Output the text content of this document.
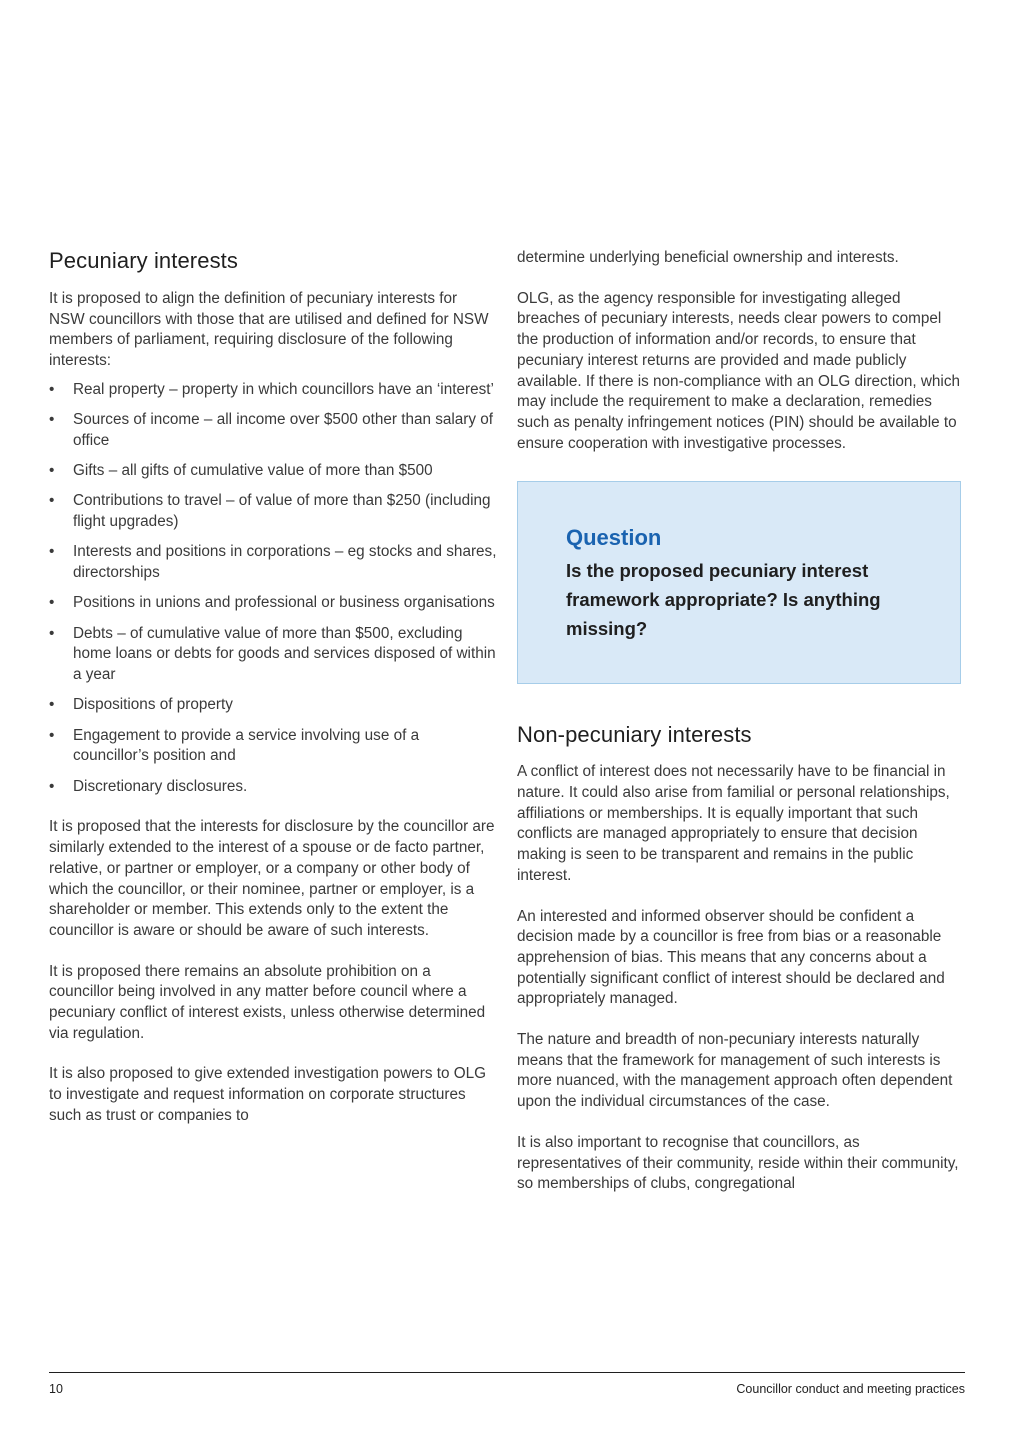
Pecuniary interests

It is proposed to align the definition of pecuniary interests for NSW councillors with those that are utilised and defined for NSW members of parliament, requiring disclosure of the following interests:

•	Real property – property in which councillors have an ‘interest’
•	Sources of income – all income over $500 other than salary of office
•	Gifts – all gifts of cumulative value of more than $500
•	Contributions to travel – of value of more than $250 (including flight upgrades)
•	Interests and positions in corporations – eg stocks and shares, directorships
•	Positions in unions and professional or business organisations
•	Debts – of cumulative value of more than $500, excluding home loans or debts for goods and services disposed of within a year
•	Dispositions of property
•	Engagement to provide a service involving use of a councillor’s position and
•	Discretionary disclosures.

It is proposed that the interests for disclosure by the councillor are similarly extended to the interest of a spouse or de facto partner, relative, or partner or employer, or a company or other body of which the councillor, or their nominee, partner or employer, is a shareholder or member. This extends only to the extent the councillor is aware or should be aware of such interests.

It is proposed there remains an absolute prohibition on a councillor being involved in any matter before council where a pecuniary conflict of interest exists, unless otherwise determined via regulation.

It is also proposed to give extended investigation powers to OLG to investigate and request information on corporate structures such as trust or companies to

determine underlying beneficial ownership and interests.

OLG, as the agency responsible for investigating alleged breaches of pecuniary interests, needs clear powers to compel the production of information and/or records, to ensure that pecuniary interest returns are provided and made publicly available. If there is non-compliance with an OLG direction, which may include the requirement to make a declaration, remedies such as penalty infringement notices (PIN) should be available to ensure cooperation with investigative processes.

Question
Is the proposed pecuniary interest framework appropriate? Is anything missing?
Non-pecuniary interests

A conflict of interest does not necessarily have to be financial in nature. It could also arise from familial or personal relationships, affiliations or memberships. It is equally important that such conflicts are managed appropriately to ensure that decision making is seen to be transparent and remains in the public interest.

An interested and informed observer should be confident a decision made by a councillor is free from bias or a reasonable apprehension of bias. This means that any concerns about a potentially significant conflict of interest should be declared and appropriately managed.

The nature and breadth of non-pecuniary interests naturally means that the framework for management of such interests is more nuanced, with the management approach often dependent upon the individual circumstances of the case.

It is also important to recognise that councillors, as representatives of their community, reside within their community, so memberships of clubs, congregational

10	Councillor conduct and meeting practices
